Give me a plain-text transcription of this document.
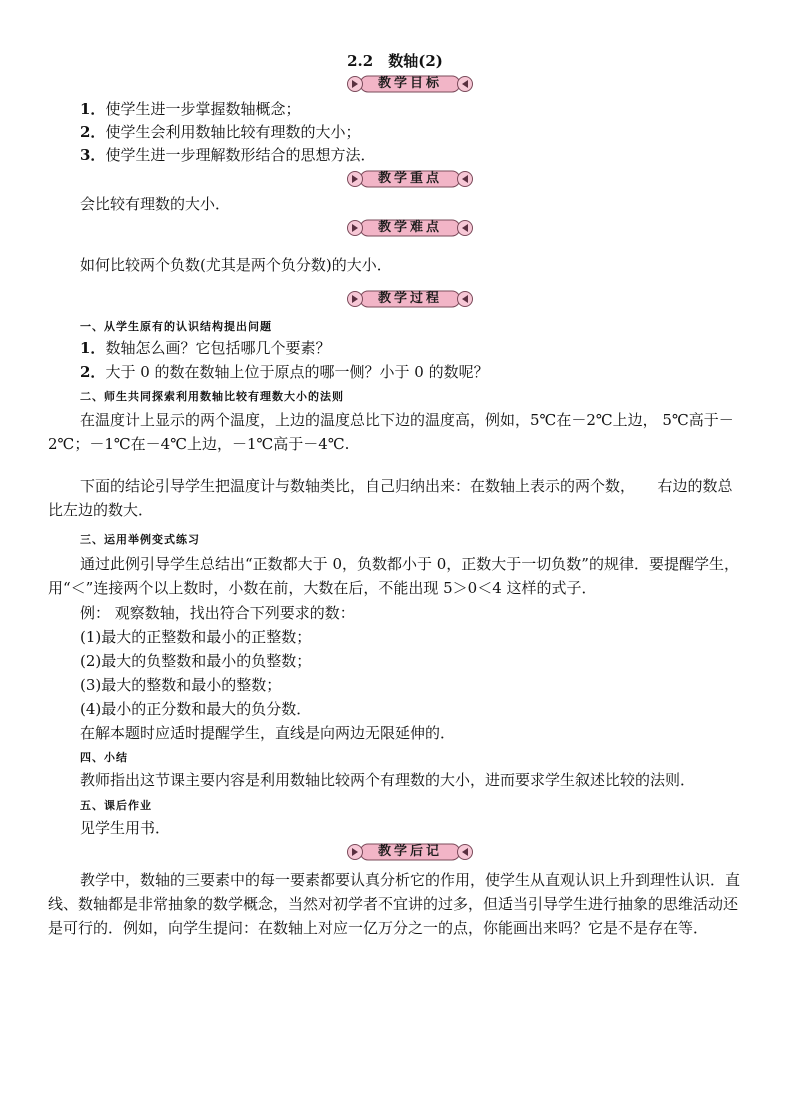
2.2　数轴(2)
教学目标
1．使学生进一步掌握数轴概念；
2．使学生会利用数轴比较有理数的大小；
3．使学生进一步理解数形结合的思想方法．
教学重点
会比较有理数的大小．
教学难点
如何比较两个负数(尤其是两个负分数)的大小．
教学过程
一、从学生原有的认识结构提出问题
1．数轴怎么画？它包括哪几个要素？
2．大于 0 的数在数轴上位于原点的哪一侧？小于 0 的数呢？
二、师生共同探索利用数轴比较有理数大小的法则
在温度计上显示的两个温度，上边的温度总比下边的温度高，例如，5℃在－2℃上边， 5℃高于－2℃；－1℃在－4℃上边，－1℃高于－4℃.
下面的结论引导学生把温度计与数轴类比，自己归纳出来：在数轴上表示的两个数，　　右边的数总比左边的数大．
三、运用举例变式练习
通过此例引导学生总结出“正数都大于 0，负数都小于 0，正数大于一切负数”的规律．要提醒学生，用“＜”连接两个以上数时，小数在前，大数在后，不能出现 5＞0＜4 这样的式子．
例： 观察数轴，找出符合下列要求的数：
(1)最大的正整数和最小的正整数；
(2)最大的负整数和最小的负整数；
(3)最大的整数和最小的整数；
(4)最小的正分数和最大的负分数．
在解本题时应适时提醒学生，直线是向两边无限延伸的．
四、小结
教师指出这节课主要内容是利用数轴比较两个有理数的大小，进而要求学生叙述比较的法则．
五、课后作业
见学生用书．
教学后记
教学中，数轴的三要素中的每一要素都要认真分析它的作用，使学生从直观认识上升到理性认识．直线、数轴都是非常抽象的数学概念，当然对初学者不宜讲的过多，但适当引导学生进行抽象的思维活动还是可行的．例如，向学生提问：在数轴上对应一亿万分之一的点，你能画出来吗？它是不是存在等．
